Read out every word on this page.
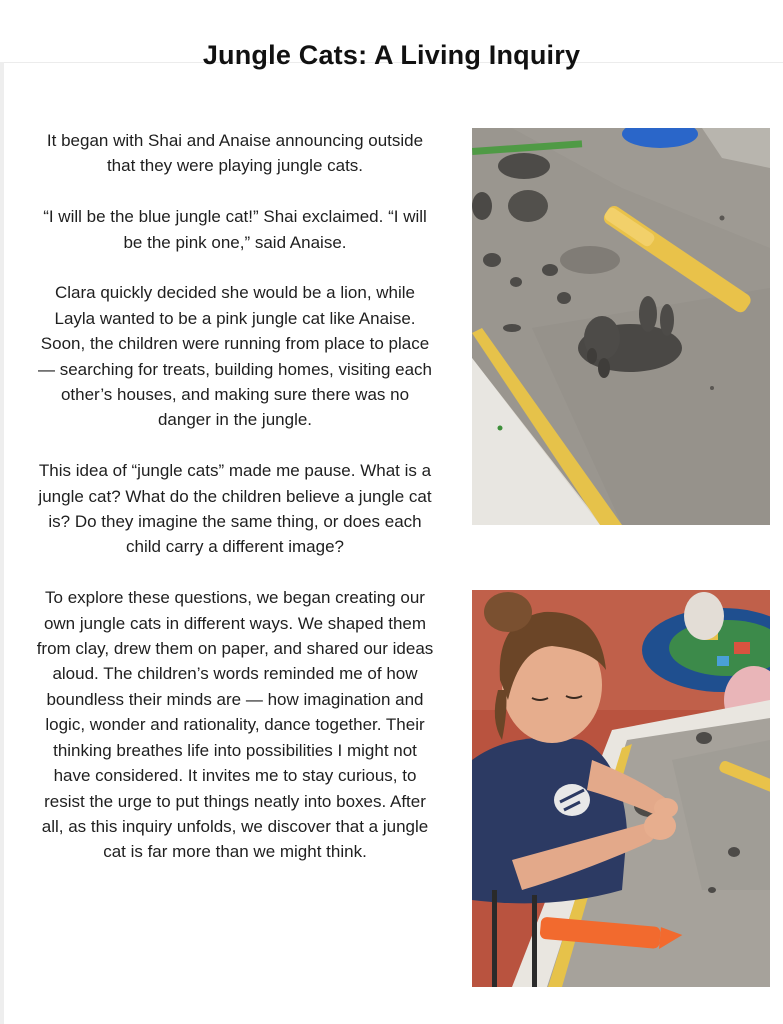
Jungle Cats: A Living Inquiry

It began with Shai and Anaise announcing outside that they were playing jungle cats.

“I will be the blue jungle cat!” Shai exclaimed. “I will be the pink one,” said Anaise.

Clara quickly decided she would be a lion, while Layla wanted to be a pink jungle cat like Anaise. Soon, the children were running from place to place — searching for treats, building homes, visiting each other’s houses, and making sure there was no danger in the jungle.

This idea of “jungle cats” made me pause. What is a jungle cat? What do the children believe a jungle cat is? Do they imagine the same thing, or does each child carry a different image?

To explore these questions, we began creating our own jungle cats in different ways. We shaped them from clay, drew them on paper, and shared our ideas aloud. The children’s words reminded me of how boundless their minds are — how imagination and logic, wonder and rationality, dance together. Their thinking breathes life into possibilities I might not have considered. It invites me to stay curious, to resist the urge to put things neatly into boxes. After all, as this inquiry unfolds, we discover that a jungle cat is far more than we might think.
